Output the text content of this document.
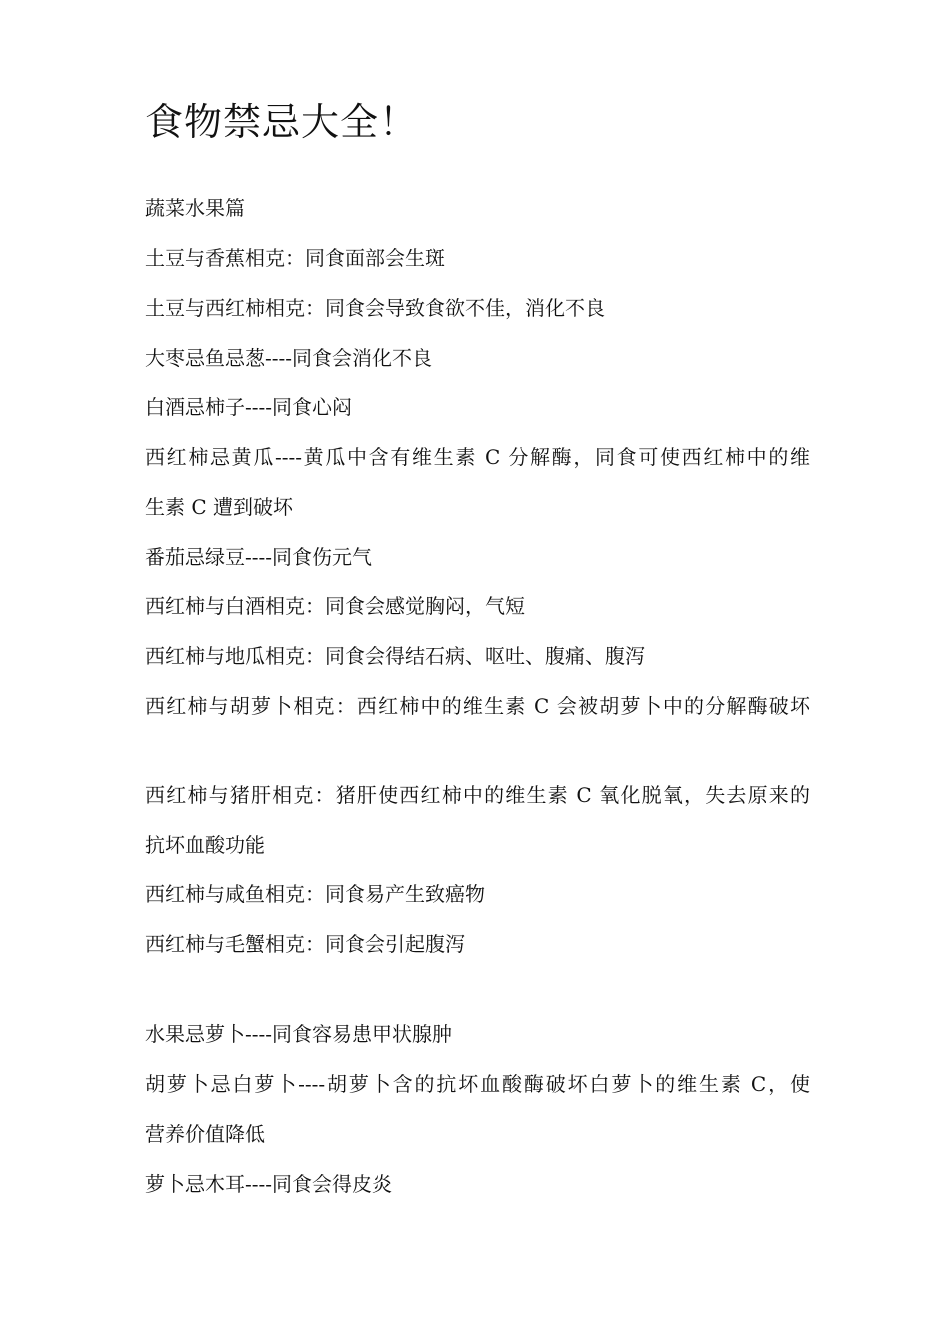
食物禁忌大全！

蔬菜水果篇

土豆与香蕉相克：同食面部会生斑

土豆与西红柿相克：同食会导致食欲不佳，消化不良

大枣忌鱼忌葱----同食会消化不良

白酒忌柿子----同食心闷

西红柿忌黄瓜----黄瓜中含有维生素 C 分解酶，同食可使西红柿中的维

生素 C 遭到破坏

番茄忌绿豆----同食伤元气

西红柿与白酒相克：同食会感觉胸闷，气短

西红柿与地瓜相克：同食会得结石病、呕吐、腹痛、腹泻

西红柿与胡萝卜相克：西红柿中的维生素 C 会被胡萝卜中的分解酶破坏

西红柿与猪肝相克：猪肝使西红柿中的维生素 C 氧化脱氧，失去原来的

抗坏血酸功能

西红柿与咸鱼相克：同食易产生致癌物

西红柿与毛蟹相克：同食会引起腹泻

水果忌萝卜----同食容易患甲状腺肿

胡萝卜忌白萝卜----胡萝卜含的抗坏血酸酶破坏白萝卜的维生素 C，使

营养价值降低

萝卜忌木耳----同食会得皮炎
